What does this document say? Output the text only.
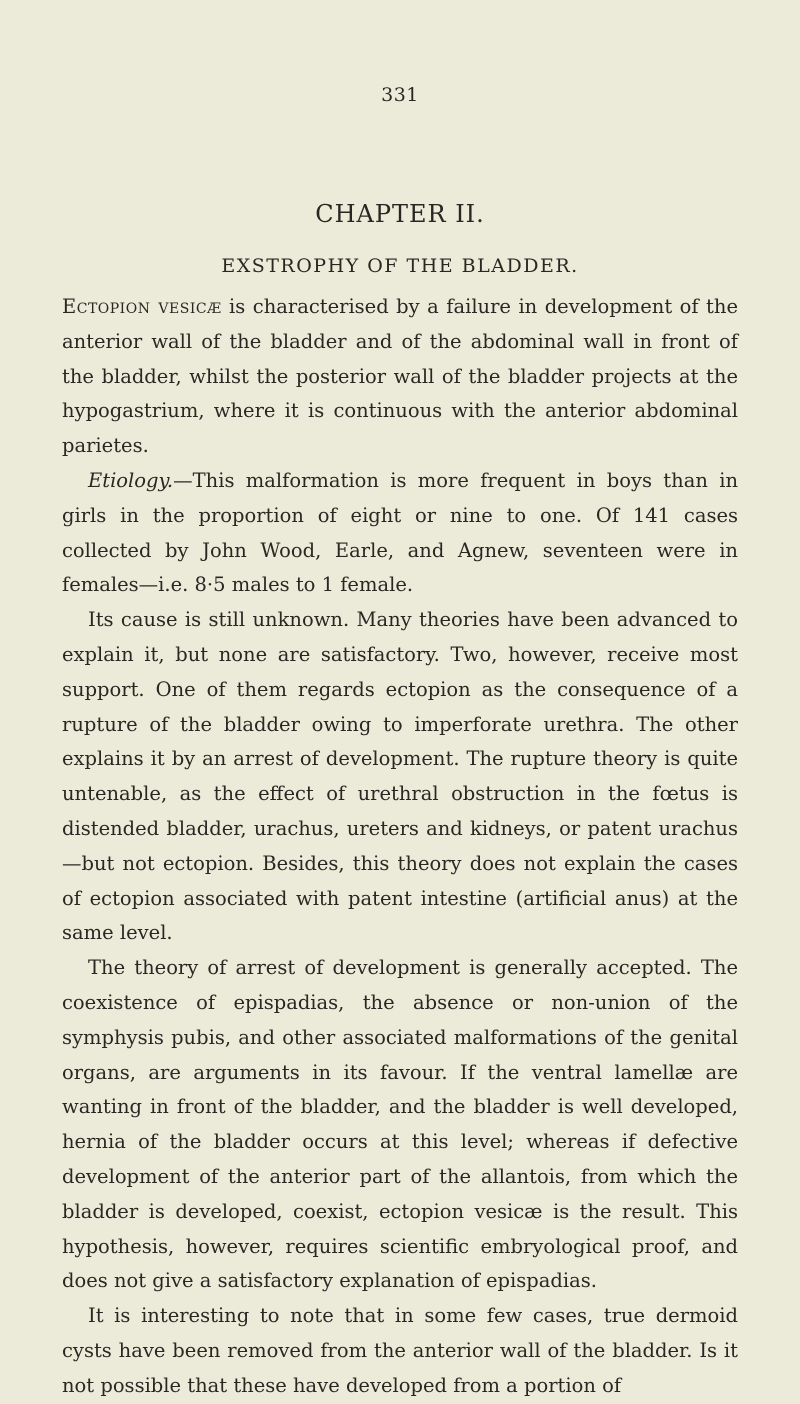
331
CHAPTER II.
EXSTROPHY OF THE BLADDER.

Ectopion vesicæ is characterised by a failure in development of the anterior wall of the bladder and of the abdominal wall in front of the bladder, whilst the posterior wall of the bladder projects at the hypogastrium, where it is continuous with the anterior abdominal parietes.

Etiology.—This malformation is more frequent in boys than in girls in the proportion of eight or nine to one. Of 141 cases collected by John Wood, Earle, and Agnew, seventeen were in females—i.e. 8·5 males to 1 female.

Its cause is still unknown. Many theories have been advanced to explain it, but none are satisfactory. Two, however, receive most support. One of them regards ectopion as the consequence of a rupture of the bladder owing to imperforate urethra. The other explains it by an arrest of development. The rupture theory is quite untenable, as the effect of urethral obstruction in the fœtus is distended bladder, urachus, ureters and kidneys, or patent urachus—but not ectopion. Besides, this theory does not explain the cases of ectopion associated with patent intestine (artificial anus) at the same level.

The theory of arrest of development is generally accepted. The coexistence of epispadias, the absence or non-union of the symphysis pubis, and other associated malformations of the genital organs, are arguments in its favour. If the ventral lamellæ are wanting in front of the bladder, and the bladder is well developed, hernia of the bladder occurs at this level; whereas if defective development of the anterior part of the allantois, from which the bladder is developed, coexist, ectopion vesicæ is the result. This hypothesis, however, requires scientific embryological proof, and does not give a satisfactory explanation of epispadias.

It is interesting to note that in some few cases, true dermoid cysts have been removed from the anterior wall of the bladder. Is it not possible that these have developed from a portion of
